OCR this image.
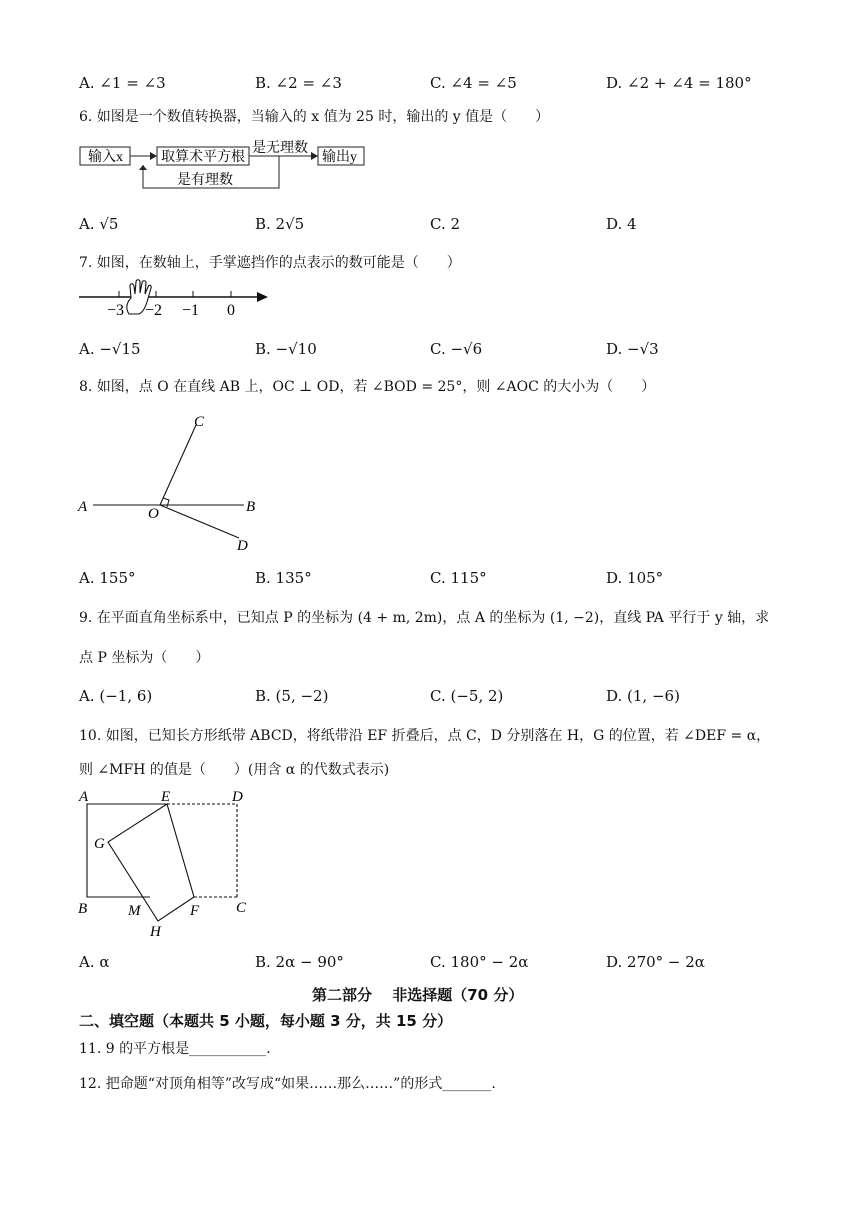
A. ∠1 = ∠3	B. ∠2 = ∠3	C. ∠4 = ∠5	D. ∠2 + ∠4 = 180°
6. 如图是一个数值转换器，当输入的 x 值为 25 时，输出的 y 值是（　　）
输入x	取算术平方根
是无理数
输出y
是有理数
A. √5	B. 2√5	C. 2	D. 4
7. 如图，在数轴上，手掌遮挡作的点表示的数可能是（　　）
−3 −2 −1 0
A. −√15	B. −√10	C. −√6	D. −√3
8. 如图，点 O 在直线 AB 上，OC ⊥ OD，若 ∠BOD = 25°，则 ∠AOC 的大小为（　　）
A	B
C
D
O
A. 155°	B. 135°	C. 115°	D. 105°
9. 在平面直角坐标系中，已知点 P 的坐标为 (4 + m, 2m)，点 A 的坐标为 (1, −2)，直线 PA 平行于 y 轴，求
点 P 坐标为（　　）
A. (−1, 6)	B. (5, −2)	C. (−5, 2)	D. (1, −6)
10. 如图，已知长方形纸带 ABCD，将纸带沿 EF 折叠后，点 C，D 分别落在 H，G 的位置，若 ∠DEF = α，
则 ∠MFH 的值是（　　）(用含 α 的代数式表示)
A	E	D
G
B	M	F C
H
A. α	B. 2α − 90°	C. 180° − 2α	D. 270° − 2α
第二部分　 非选择题（70 分）
二、填空题（本题共 5 小题，每小题 3 分，共 15 分）
11. 9 的平方根是___________.
12. 把命题“对顶角相等”改写成“如果……那么……”的形式_______.
